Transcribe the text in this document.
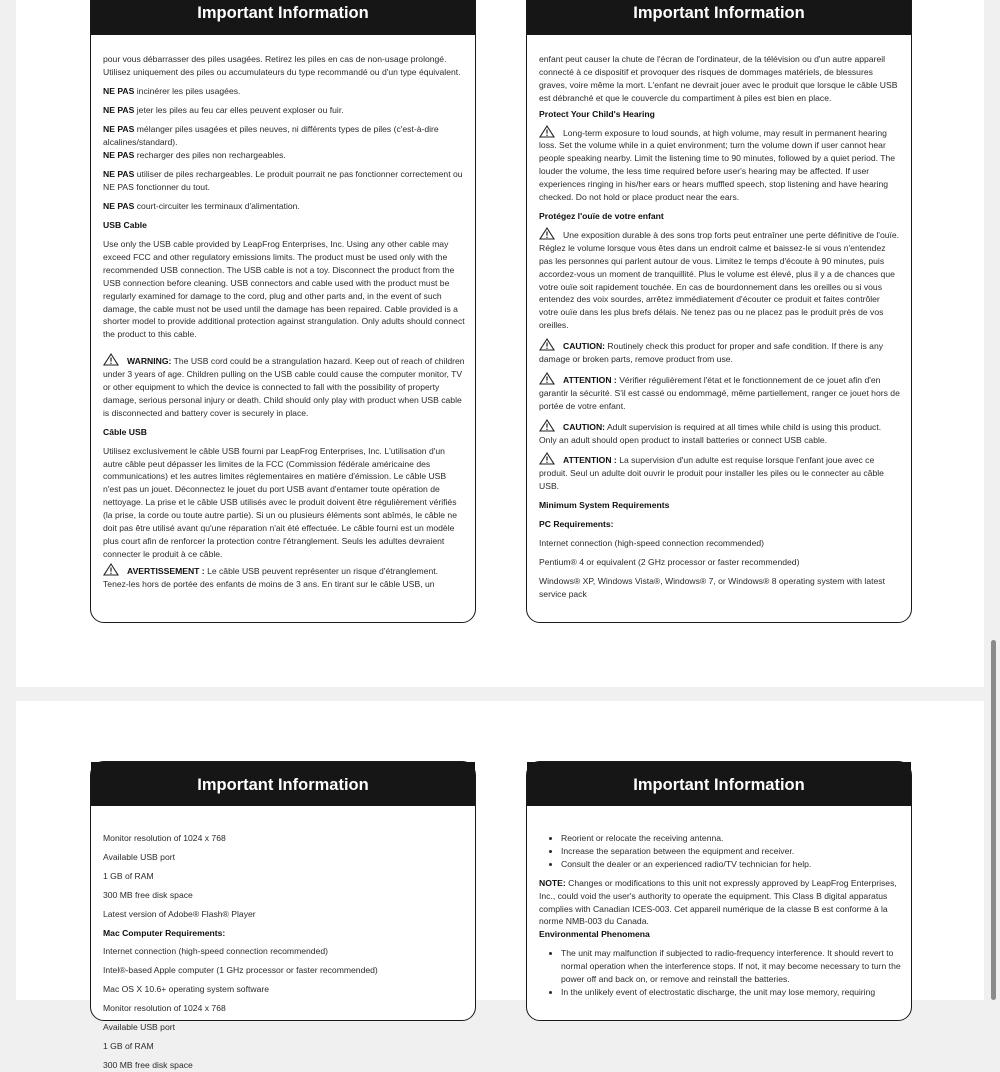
Important Information

pour vous débarrasser des piles usagées. Retirez les piles en cas de non-usage prolongé. Utilisez uniquement des piles ou accumulateurs du type recommandé ou d'un type équivalent.

NE PAS incinérer les piles usagées.

NE PAS jeter les piles au feu car elles peuvent exploser ou fuir.

NE PAS mélanger piles usagées et piles neuves, ni différents types de piles (c'est-à-dire alcalines/standard).

NE PAS recharger des piles non rechargeables.

NE PAS utiliser de piles rechargeables. Le produit pourrait ne pas fonctionner correctement ou NE PAS fonctionner du tout.

NE PAS court-circuiter les terminaux d'alimentation.

USB Cable

Use only the USB cable provided by LeapFrog Enterprises, Inc. Using any other cable may exceed FCC and other regulatory emissions limits. The product must be used only with the recommended USB connection. The USB cable is not a toy. Disconnect the product from the USB connection before cleaning. USB connectors and cable used with the product must be regularly examined for damage to the cord, plug and other parts and, in the event of such damage, the cable must not be used until the damage has been repaired. Cable provided is a shorter model to provide additional protection against strangulation. Only adults should connect the product to this cable.

WARNING: The USB cord could be a strangulation hazard. Keep out of reach of children under 3 years of age. Children pulling on the USB cable could cause the computer monitor, TV or other equipment to which the device is connected to fall with the possibility of property damage, serious personal injury or death. Child should only play with product when USB cable is disconnected and battery cover is securely in place.

Câble USB

Utilisez exclusivement le câble USB fourni par LeapFrog Enterprises, Inc. L'utilisation d'un autre câble peut dépasser les limites de la FCC (Commission fédérale américaine des communications) et les autres limites réglementaires en matière d'émission. Le câble USB n'est pas un jouet. Déconnectez le jouet du port USB avant d'entamer toute opération de nettoyage. La prise et le câble USB utilisés avec le produit doivent être régulièrement vérifiés (la prise, la corde ou toute autre partie). Si un ou plusieurs éléments sont abîmés, le câble ne doit pas être utilisé avant qu'une réparation n'ait été effectuée. Le câble fourni est un modèle plus court afin de renforcer la protection contre l'étranglement. Seuls les adultes devraient connecter le produit à ce câble.

AVERTISSEMENT : Le câble USB peuvent représenter un risque d'étranglement. Tenez-les hors de portée des enfants de moins de 3 ans. En tirant sur le câble USB, un

Important Information

enfant peut causer la chute de l'écran de l'ordinateur, de la télévision ou d'un autre appareil connecté à ce dispositif et provoquer des risques de dommages matériels, de blessures graves, voire même la mort. L'enfant ne devrait jouer avec le produit que lorsque le câble USB est débranché et que le couvercle du compartiment à piles est bien en place.

Protect Your Child's Hearing

Long-term exposure to loud sounds, at high volume, may result in permanent hearing loss. Set the volume while in a quiet environment; turn the volume down if user cannot hear people speaking nearby. Limit the listening time to 90 minutes, followed by a quiet period. The louder the volume, the less time required before user's hearing may be affected. If user experiences ringing in his/her ears or hears muffled speech, stop listening and have hearing checked. Do not hold or place product near the ears.

Protégez l'ouïe de votre enfant

Une exposition durable à des sons trop forts peut entraîner une perte définitive de l'ouïe. Réglez le volume lorsque vous êtes dans un endroit calme et baissez-le si vous n'entendez pas les personnes qui parlent autour de vous. Limitez le temps d'écoute à 90 minutes, puis accordez-vous un moment de tranquillité. Plus le volume est élevé, plus il y a de chances que votre ouïe soit rapidement touchée. En cas de bourdonnement dans les oreilles ou si vous entendez des voix sourdes, arrêtez immédiatement d'écouter ce produit et faites contrôler votre ouïe dans les plus brefs délais. Ne tenez pas ou ne placez pas le produit près de vos oreilles.

CAUTION: Routinely check this product for proper and safe condition. If there is any damage or broken parts, remove product from use.

ATTENTION : Vérifier régulièrement l'état et le fonctionnement de ce jouet afin d'en garantir la sécurité. S'il est cassé ou endommagé, même partiellement, ranger ce jouet hors de portée de votre enfant.

CAUTION: Adult supervision is required at all times while child is using this product. Only an adult should open product to install batteries or connect USB cable.

ATTENTION : La supervision d'un adulte est requise lorsque l'enfant joue avec ce produit. Seul un adulte doit ouvrir le produit pour installer les piles ou le connecter au câble USB.

Minimum System Requirements

PC Requirements:

Internet connection (high-speed connection recommended)

Pentium® 4 or equivalent (2 GHz processor or faster recommended)

Windows® XP, Windows Vista®, Windows® 7, or Windows® 8 operating system with latest service pack

Important Information

Monitor resolution of 1024 x 768

Available USB port

1 GB of RAM

300 MB free disk space

Latest version of Adobe® Flash® Player

Mac Computer Requirements:

Internet connection (high-speed connection recommended)

Intel®-based Apple computer (1 GHz processor or faster recommended)

Mac OS X 10.6+ operating system software

Monitor resolution of 1024 x 768

Available USB port

1 GB of RAM

300 MB free disk space

Important Information
• Reorient or relocate the receiving antenna.
• Increase the separation between the equipment and receiver.
• Consult the dealer or an experienced radio/TV technician for help.

NOTE: Changes or modifications to this unit not expressly approved by LeapFrog Enterprises, Inc., could void the user's authority to operate the equipment. This Class B digital apparatus complies with Canadian ICES-003. Cet appareil numérique de la classe B est conforme à la norme NMB-003 du Canada.

Environmental Phenomena

• The unit may malfunction if subjected to radio-frequency interference. It should revert to normal operation when the interference stops. If not, it may become necessary to turn the power off and back on, or remove and reinstall the batteries.
• In the unlikely event of electrostatic discharge, the unit may lose memory, requiring
